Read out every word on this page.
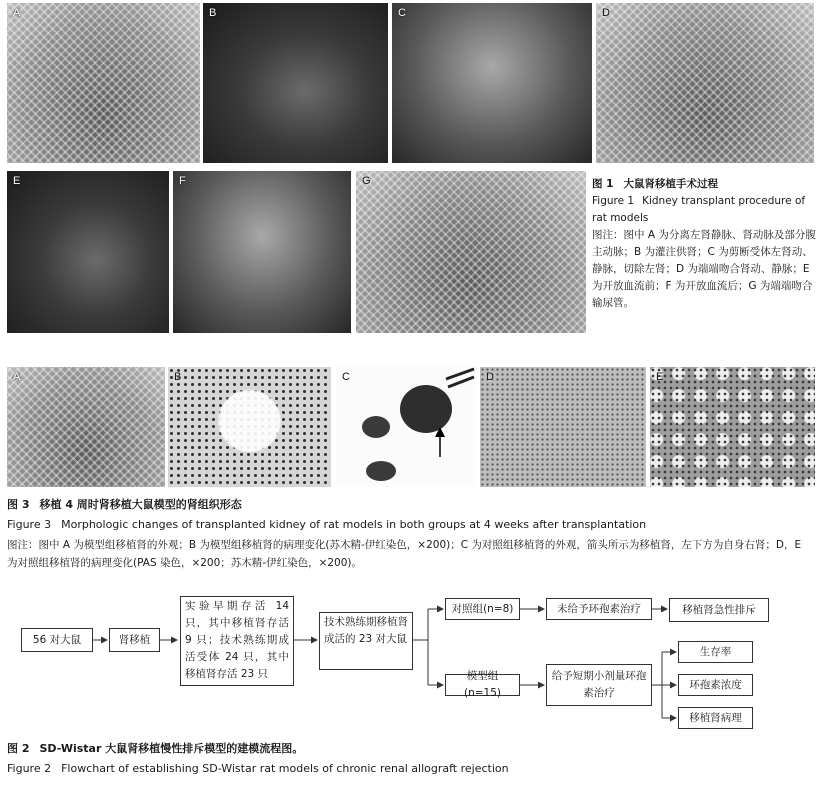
A	B	C	D
E	F	G	图 1 大鼠肾移植手术过程
Figure 1 Kidney transplant procedure of rat models
图注：图中 A 为分离左肾静脉、肾动脉及部分腹主动脉；B 为灌注供肾；C 为剪断受体左肾动、静脉，切除左肾；D 为端端吻合肾动、静脉；E 为开放血流前；F 为开放血流后；G 为端端吻合输尿管。
A	B	C	D	E
图 3 移植 4 周时肾移植大鼠模型的肾组织形态
Figure 3 Morphologic changes of transplanted kidney of rat models in both groups at 4 weeks after transplantation
图注：图中 A 为模型组移植肾的外观；B 为模型组移植肾的病理变化(苏木精-伊红染色，×200)；C 为对照组移植肾的外观，箭头所示为移植肾，左下方为自身右肾；D，E 为对照组移植肾的病理变化(PAS 染色，×200；苏木精-伊红染色，×200)。
56 对大鼠	肾移植
实验早期存活 14 只，其中移植肾存活 9 只；技术熟练期成活受体 24 只，其中移植肾存活 23 只
技术熟练期移植肾成活的 23 对大鼠
对照组(n=8)	未给予环孢素治疗	移植肾急性排斥
模型组(n=15)
给予短期小剂量环孢素治疗
生存率
环孢素浓度
移植肾病理
图 2 SD-Wistar 大鼠肾移植慢性排斥模型的建模流程图。
Figure 2 Flowchart of establishing SD-Wistar rat models of chronic renal allograft rejection
